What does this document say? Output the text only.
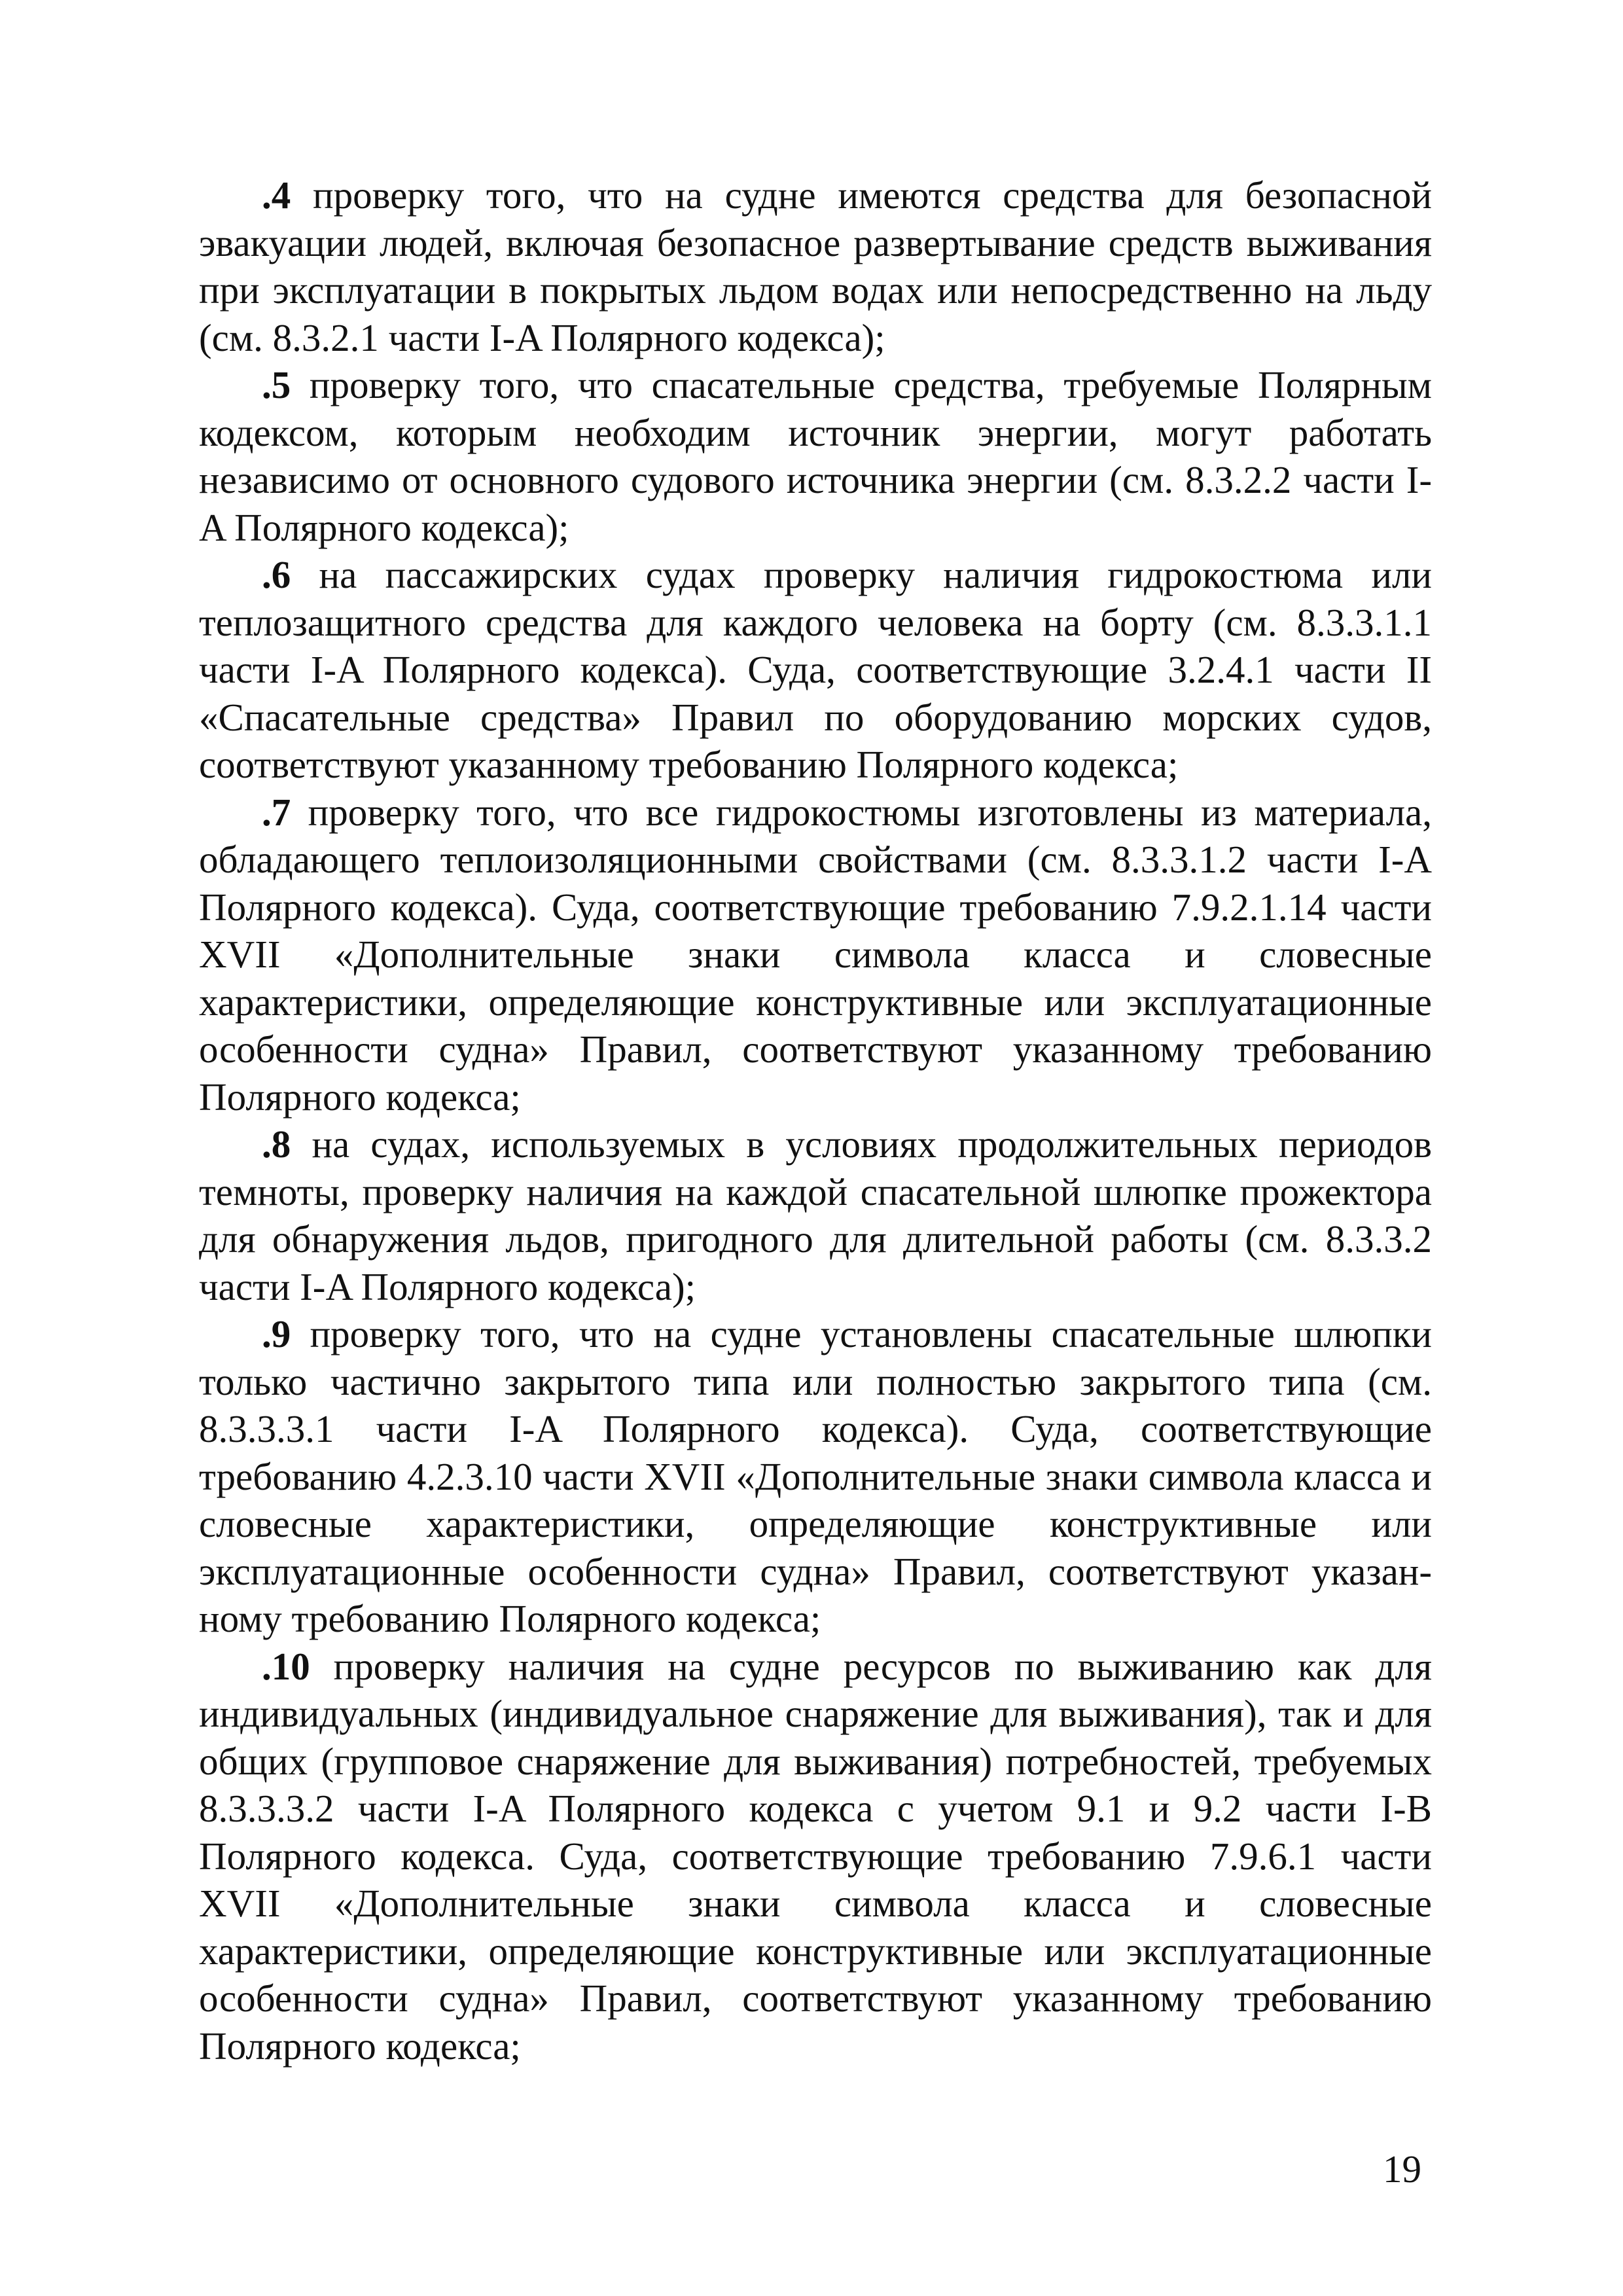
.4 проверку того, что на судне имеются средства для безопасной эвакуации людей, включая безопасное развертывание средств выживания при эксплуатации в покрытых льдом водах или непосредственно на льду (см. 8.3.2.1 части I-A Полярного кодекса);

.5 проверку того, что спасательные средства, требуемые Полярным кодексом, которым необходим источник энергии, могут работать независимо от основного судового источника энергии (см. 8.3.2.2 части I-A Полярного кодекса);

.6 на пассажирских судах проверку наличия гидрокостюма или теплозащитного средства для каждого человека на борту (см. 8.3.3.1.1 части I-A Полярного кодекса). Суда, соответствующие 3.2.4.1 части II «Спасательные средства» Правил по оборудованию морских судов, соответствуют указанному требованию Полярного кодекса;

.7 проверку того, что все гидрокостюмы изготовлены из материала, обладающего теплоизоляционными свойствами (см. 8.3.3.1.2 части I-A Полярного кодекса). Суда, соответствующие требованию 7.9.2.1.14 части XVII «Дополнительные знаки символа класса и словесные характеристики, определяющие конструктивные или эксплуатационные особенности судна» Правил, соответствуют указанному требованию Полярного кодекса;

.8 на судах, используемых в условиях продолжительных периодов темноты, проверку наличия на каждой спасательной шлюпке прожектора для обнаружения льдов, пригодного для длительной работы (см. 8.3.3.2 части I-A Полярного кодекса);

.9 проверку того, что на судне установлены спасательные шлюпки только частично закрытого типа или полностью закрытого типа (см. 8.3.3.3.1 части I-A Полярного кодекса). Суда, соответствующие требованию 4.2.3.10 части XVII «Дополнительные знаки символа класса и словесные характеристики, определяющие конструктивные или эксплуатационные особенности судна» Правил, соответствуют указанному требованию Полярного кодекса;

.10 проверку наличия на судне ресурсов по выживанию как для индивидуальных (индивидуальное снаряжение для выживания), так и для общих (групповое снаряжение для выживания) потребностей, требуемых 8.3.3.3.2 части I-A Полярного кодекса с учетом 9.1 и 9.2 части I-B Полярного кодекса. Суда, соответствующие требованию 7.9.6.1 части XVII «Дополнительные знаки символа класса и словесные характеристики, определяющие конструктивные или эксплуатационные особенности судна» Правил, соответствуют указанному требованию Полярного кодекса;

19
